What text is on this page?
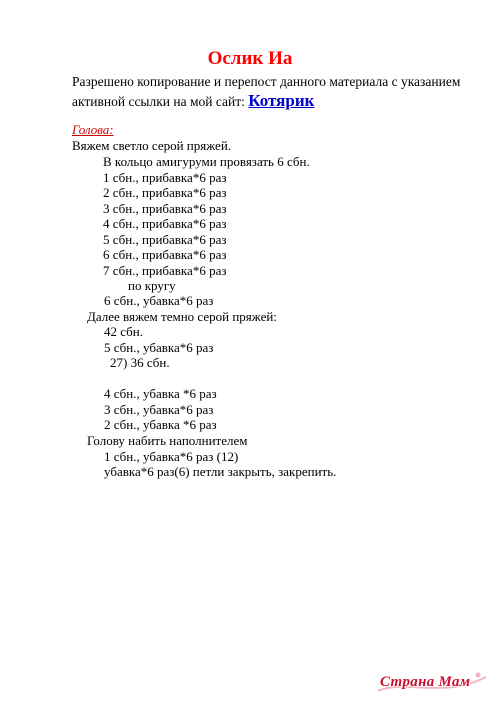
Ослик Иа
Разрешено копирование и перепост данного материала с указанием активной ссылки на мой сайт: Котярик
Голова:
Вяжем светло серой пряжей.
В кольцо амигуруми провязать 6 сбн.
1 сбн., прибавка*6 раз
2 сбн., прибавка*6 раз
3 сбн., прибавка*6 раз
4 сбн., прибавка*6 раз
5 сбн., прибавка*6 раз
6 сбн., прибавка*6 раз
7 сбн., прибавка*6 раз
по кругу
6 сбн., убавка*6 раз
Далее вяжем темно серой пряжей:
42 сбн.
5 сбн., убавка*6 раз
27) 36 сбн.
4 сбн., убавка *6 раз
3 сбн., убавка*6 раз
2 сбн., убавка *6 раз
Голову набить наполнителем
1 сбн., убавка*6 раз (12)
убавка*6 раз(6) петли закрыть, закрепить.
Страна Мам
